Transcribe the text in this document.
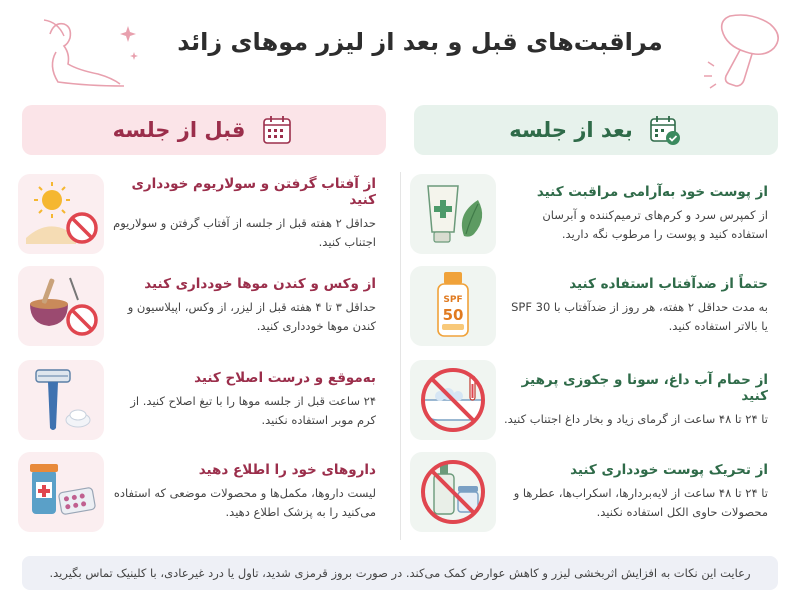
مراقبت‌های قبل و بعد از لیزر موهای زائد
بعد از جلسه
قبل از جلسه
از پوست خود به‌آرامی مراقبت کنید
از کمپرس سرد و کرم‌های ترمیم‌کننده و آبرسان استفاده کنید و پوست را مرطوب نگه دارید.
حتماً از ضدآفتاب استفاده کنید
به مدت حداقل ۲ هفته، هر روز از ضدآفتاب با SPF 30 یا بالاتر استفاده کنید.
SPF
50
از حمام آب داغ، سونا و جکوزی پرهیز کنید
تا ۲۴ تا ۴۸ ساعت از گرمای زیاد و بخار داغ اجتناب کنید.
از تحریک پوست خودداری کنید
تا ۲۴ تا ۴۸ ساعت از لایه‌بردارها، اسکراب‌ها، عطرها و محصولات حاوی الکل استفاده نکنید.
از آفتاب گرفتن و سولاریوم خودداری کنید
حداقل ۲ هفته قبل از جلسه از آفتاب گرفتن و سولاریوم اجتناب کنید.
از وکس و کندن موها خودداری کنید
حداقل ۳ تا ۴ هفته قبل از لیزر، از وکس، اپیلاسیون و کندن موها خودداری کنید.
به‌موقع و درست اصلاح کنید
۲۴ ساعت قبل از جلسه موها را با تیغ اصلاح کنید. از کرم موبر استفاده نکنید.
داروهای خود را اطلاع دهید
لیست داروها، مکمل‌ها و محصولات موضعی که استفاده می‌کنید را به پزشک اطلاع دهید.
رعایت این نکات به افزایش اثربخشی لیزر و کاهش عوارض کمک می‌کند. در صورت بروز قرمزی شدید، تاول یا درد غیرعادی، با کلینیک تماس بگیرید.
